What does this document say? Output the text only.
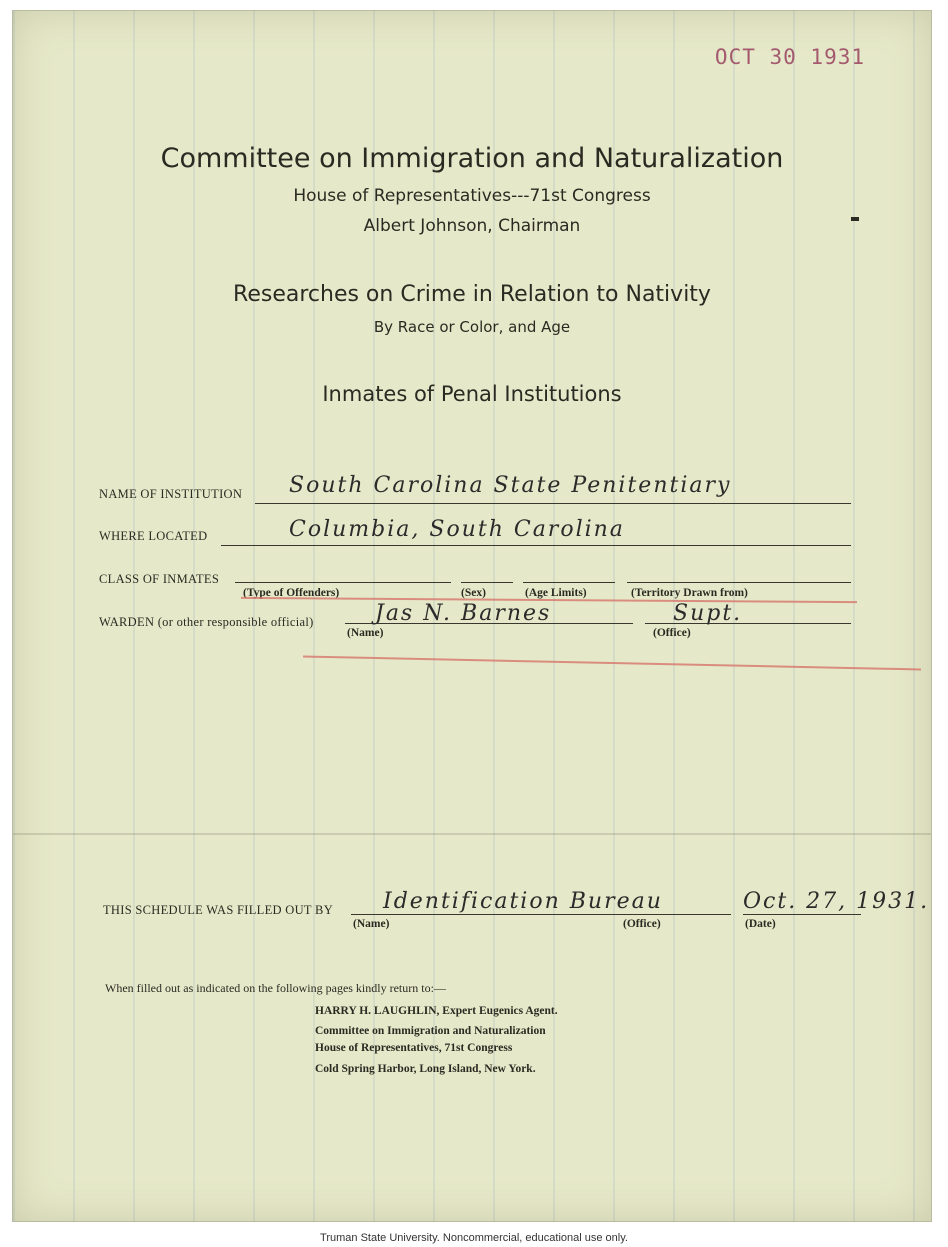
OCT 30 1931
Committee on Immigration and Naturalization
House of Representatives---71st Congress
Albert Johnson, Chairman
Researches on Crime in Relation to Nativity
By Race or Color, and Age
Inmates of Penal Institutions
NAME OF INSTITUTION South Carolina State Penitentiary
WHERE LOCATED	Columbia, South Carolina
CLASS OF INMATES
(Type of Offenders)	(Sex)	(Age Limits)	(Territory Drawn from)
WARDEN (or other responsible official)	Jas N. Barnes	Supt.
(Name)	(Office)
THIS SCHEDULE WAS FILLED OUT BY Identification Bureau	Oct. 27, 1931.
(Name)	(Office)	(Date)
When filled out as indicated on the following pages kindly return to:—
HARRY H. LAUGHLIN, Expert Eugenics Agent.
Committee on Immigration and Naturalization
House of Representatives, 71st Congress
Cold Spring Harbor, Long Island, New York.
Truman State University. Noncommercial, educational use only.
